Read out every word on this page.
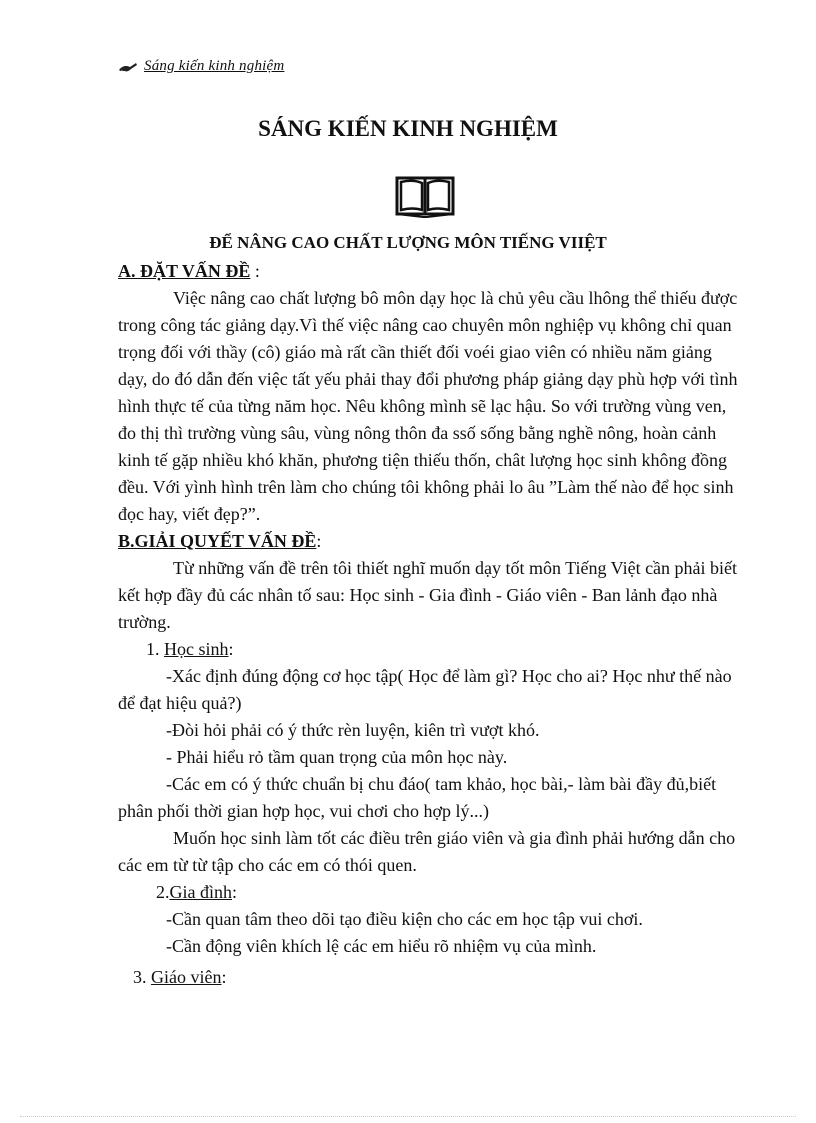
Sáng kiến kinh nghiệm
SÁNG KIẾN KINH NGHIỆM
ĐỂ NÂNG CAO CHẤT LƯỢNG MÔN TIẾNG VIIỆT
A. ĐẶT VẤN ĐỀ :

Việc nâng cao chất lượng bô môn dạy học là chủ yêu cầu lhông thể thiếu được trong công tác giảng dạy.Vì thế việc nâng cao chuyên môn nghiệp vụ không chỉ quan trọng đối với thầy (cô) giáo mà rất cần thiết đối voéi giao viên có nhiều năm giảng dạy, do đó dẫn đến việc tất yếu phải thay đổi phương pháp giảng dạy phù hợp với tình hình thực tế của từng năm học. Nêu không mình sẽ lạc hậu. So với trường vùng ven, đo thị thì trường vùng sâu, vùng nông thôn đa ssố sống bằng nghề nông, hoàn cảnh kinh tế gặp nhiều khó khăn, phương tiện thiếu thốn, chât lượng học sinh không đồng đều. Với yình hình trên làm cho chúng tôi không phải lo âu ”Làm thế nào để học sinh đọc hay, viết đẹp?”.

B.GIẢI QUYẾT VẤN ĐỀ:

Từ những vấn đề trên tôi thiết nghĩ muốn dạy tốt môn Tiếng Việt cần phải biết kết hợp đầy đủ các nhân tố sau: Học sinh - Gia đình - Giáo viên - Ban lảnh đạo nhà trường.

1. Học sinh:

-Xác định đúng động cơ học tập( Học để làm gì? Học cho ai? Học như thế nào để đạt hiệu quả?)

-Đòi hỏi phải có ý thức rèn luyện, kiên trì vượt khó.

- Phải hiểu rỏ tầm quan trọng của môn học này.

-Các em có ý thức chuẩn bị chu đáo( tam khảo, học bài,- làm bài đầy đủ,biết phân phối thời gian hợp học, vui chơi cho hợp lý...)

Muốn học sinh làm tốt các điều trên giáo viên và gia đình phải hướng dẫn cho các em từ từ tập cho các em có thói quen.

2.Gia đình:

-Cần quan tâm theo dõi tạo điều kiện cho các em học tập vui chơi.

-Cần động viên khích lệ các em hiểu rõ nhiệm vụ của mình.

3. Giáo viên:
